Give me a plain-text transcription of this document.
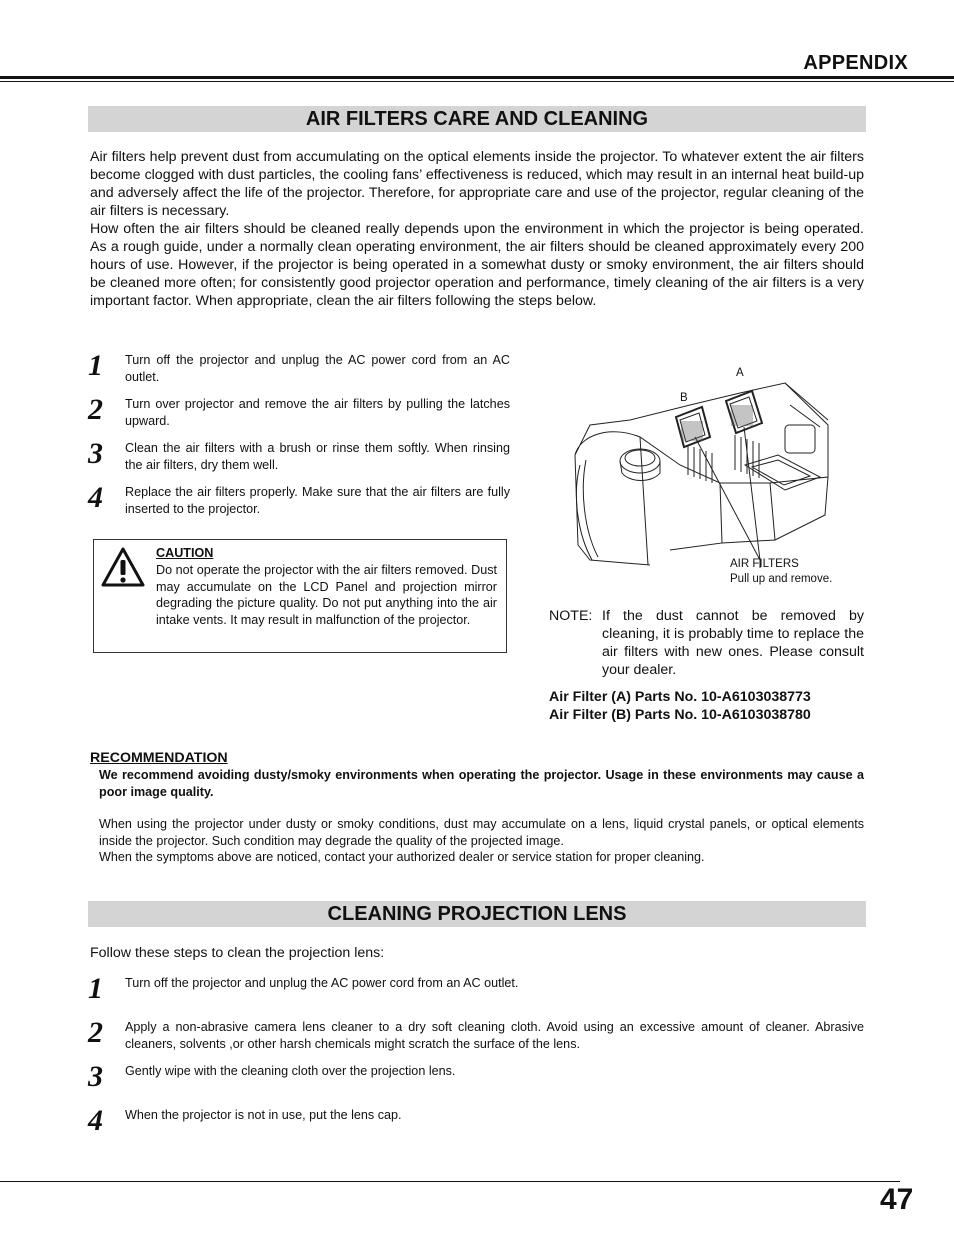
APPENDIX
AIR FILTERS CARE AND CLEANING

Air filters help prevent dust from accumulating on the optical elements inside the projector. To whatever extent the air filters become clogged with dust particles, the cooling fans’ effectiveness is reduced, which may result in an internal heat build-up and adversely affect the life of the projector. Therefore, for appropriate care and use of the projector, regular cleaning of the air filters is necessary.

How often the air filters should be cleaned really depends upon the environment in which the projector is being operated. As a rough guide, under a normally clean operating environment, the air filters should be cleaned approximately every 200 hours of use. However, if the projector is being operated in a somewhat dusty or smoky environment, the air filters should be cleaned more often; for consistently good projector operation and performance, timely cleaning of the air filters is a very important factor. When appropriate, clean the air filters following the steps below.

1 Turn off the projector and unplug the AC power cord from an AC outlet.

2 Turn over projector and remove the air filters by pulling the latches upward.

3 Clean the air filters with a brush or rinse them softly. When rinsing the air filters, dry them well.

4 Replace the air filters properly. Make sure that the air filters are fully inserted to the projector.

CAUTION

Do not operate the projector with the air filters removed. Dust may accumulate on the LCD Panel and projection mirror degrading the picture quality. Do not put anything into the air intake vents. It may result in malfunction of the projector.

A
B
AIR FILTERS
Pull up and remove.
NOTE: If the dust cannot be removed by cleaning, it is probably time to replace the air filters with new ones. Please consult your dealer.

Air Filter (A) Parts No. 10-A6103038773
Air Filter (B) Parts No. 10-A6103038780
RECOMMENDATION

We recommend avoiding dusty/smoky environments when operating the projector. Usage in these environments may cause a poor image quality.

When using the projector under dusty or smoky conditions, dust may accumulate on a lens, liquid crystal panels, or optical elements inside the projector. Such condition may degrade the quality of the projected image.

When the symptoms above are noticed, contact your authorized dealer or service station for proper cleaning.

CLEANING PROJECTION LENS

Follow these steps to clean the projection lens:

1 Turn off the projector and unplug the AC power cord from an AC outlet.

2 Apply a non-abrasive camera lens cleaner to a dry soft cleaning cloth. Avoid using an excessive amount of cleaner. Abrasive cleaners, solvents ,or other harsh chemicals might scratch the surface of the lens.

3 Gently wipe with the cleaning cloth over the projection lens.

4 When the projector is not in use, put the lens cap.

47
